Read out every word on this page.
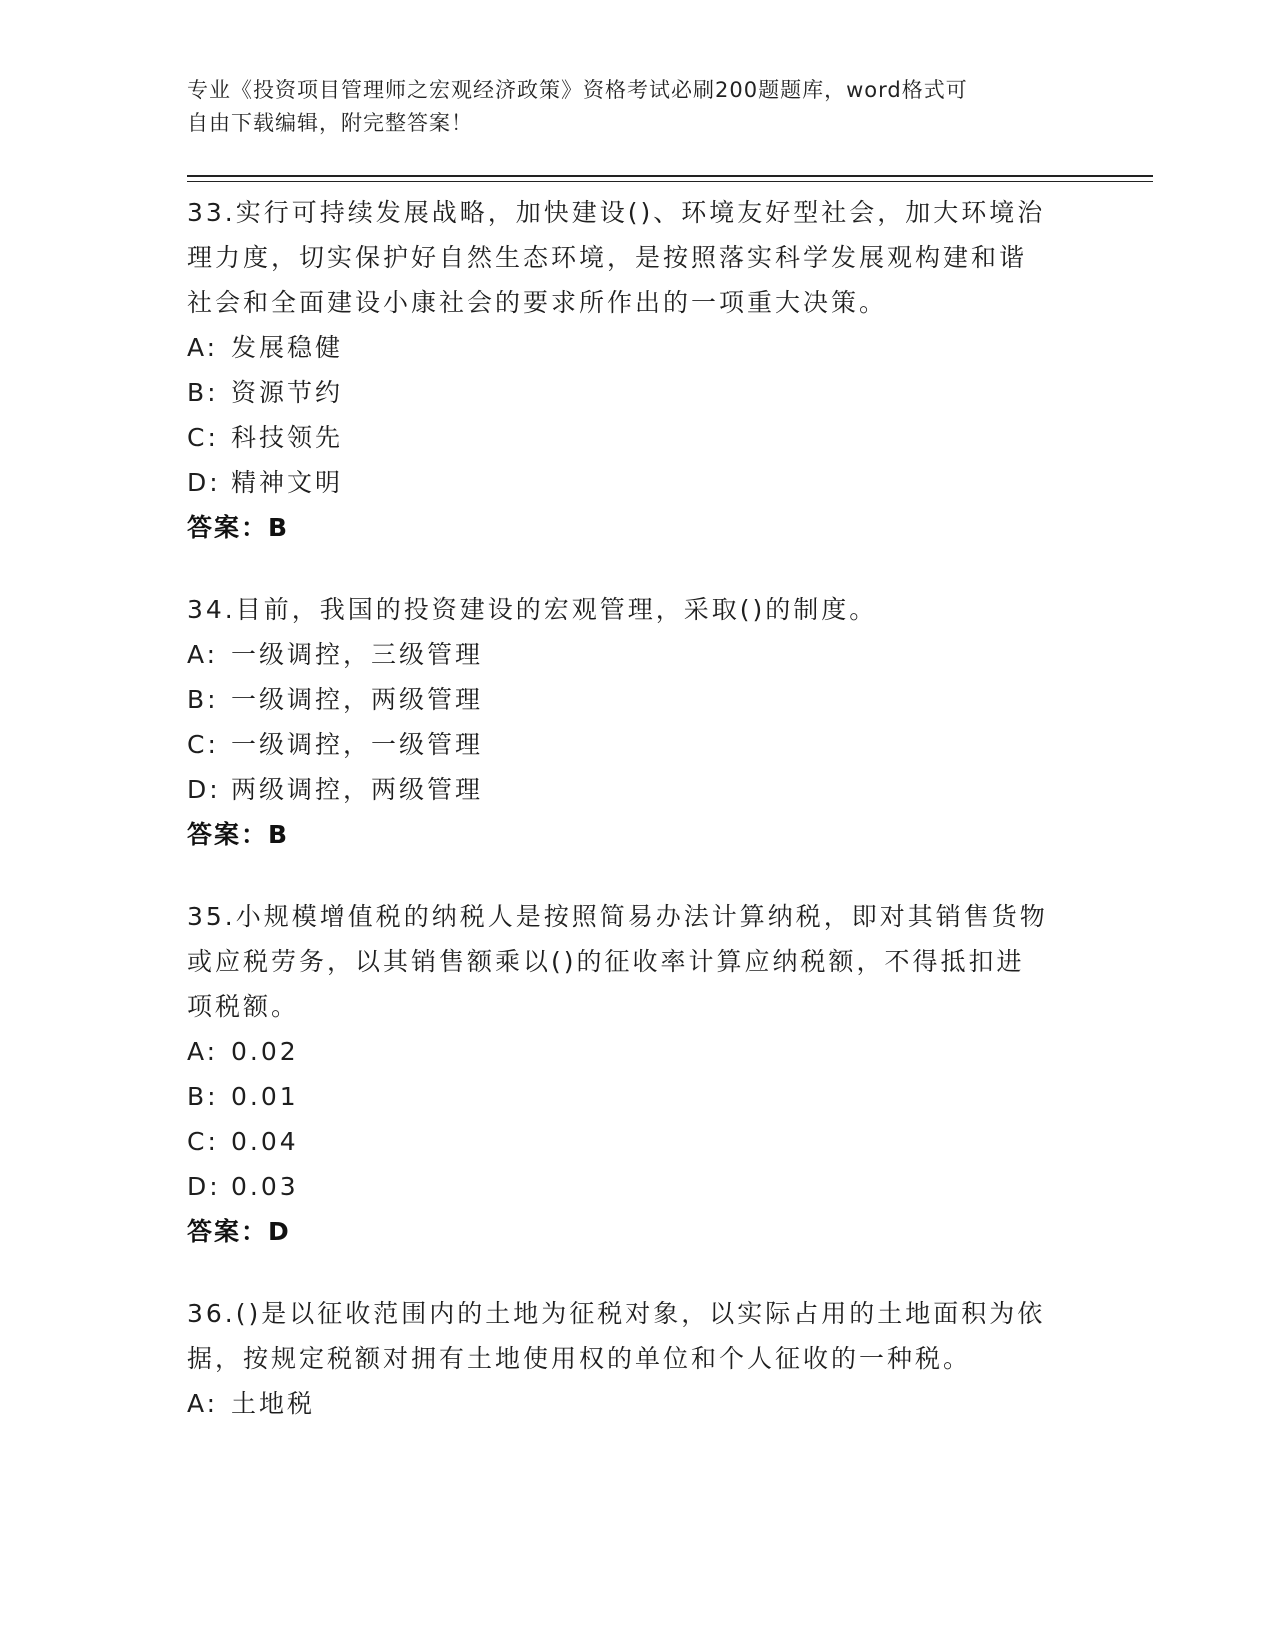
专业《投资项目管理师之宏观经济政策》资格考试必刷200题题库，word格式可
自由下载编辑，附完整答案！
33.实行可持续发展战略，加快建设()、环境友好型社会，加大环境治
理力度，切实保护好自然生态环境，是按照落实科学发展观构建和谐
社会和全面建设小康社会的要求所作出的一项重大决策。
A: 发展稳健
B: 资源节约
C: 科技领先
D: 精神文明
答案：B
34.目前，我国的投资建设的宏观管理，采取()的制度。
A: 一级调控，三级管理
B: 一级调控，两级管理
C: 一级调控，一级管理
D: 两级调控，两级管理
答案：B
35.小规模增值税的纳税人是按照简易办法计算纳税，即对其销售货物
或应税劳务，以其销售额乘以()的征收率计算应纳税额，不得抵扣进
项税额。
A: 0.02
B: 0.01
C: 0.04
D: 0.03
答案：D
36.()是以征收范围内的土地为征税对象，以实际占用的土地面积为依
据，按规定税额对拥有土地使用权的单位和个人征收的一种税。
A: 土地税
